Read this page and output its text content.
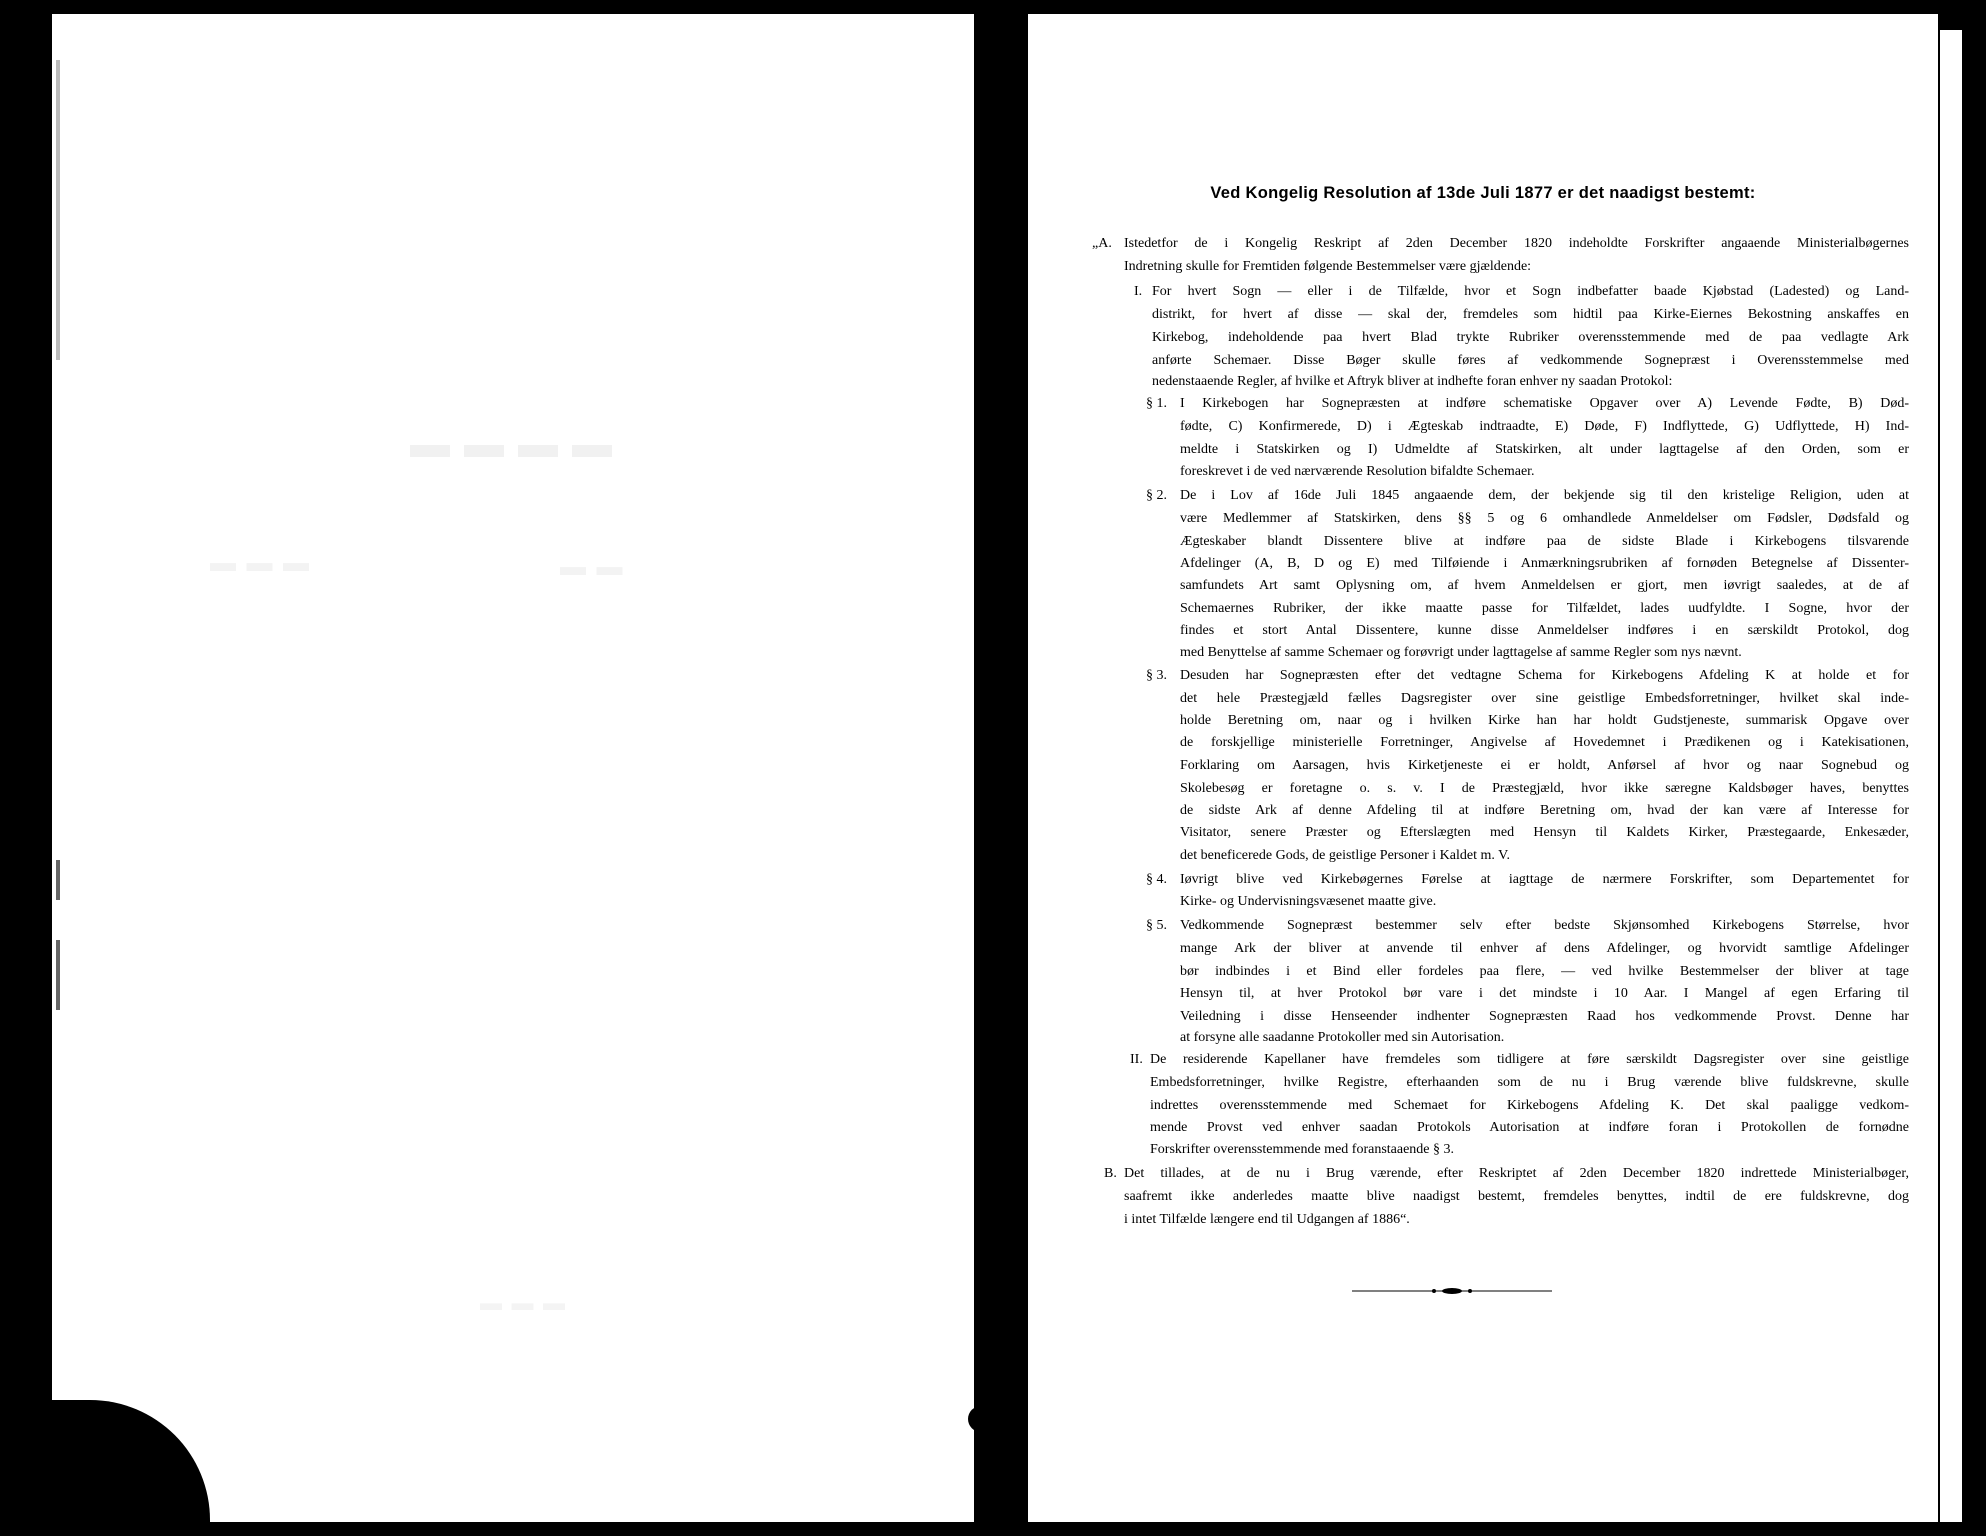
▬ ▬ ▬ ▬
▬ ▬ ▬	▬ ▬
▬ ▬ ▬
Ved Kongelig Resolution af 13de Juli 1877 er det naadigst bestemt:
„A.
I.
§ 1.
§ 2.
§ 3.
§ 4.
§ 5.
II.
B.
Istedetfor de i Kongelig Reskript af 2den December 1820 indeholdte Forskrifter angaaende Ministerialbøgernes
Indretning skulle for Fremtiden følgende Bestemmelser være gjældende:
For hvert Sogn — eller i de Tilfælde, hvor et Sogn indbefatter baade Kjøbstad (Ladested) og Land-
distrikt, for hvert af disse — skal der, fremdeles som hidtil paa Kirke-Eiernes Bekostning anskaffes en
Kirkebog, indeholdende paa hvert Blad trykte Rubriker overensstemmende med de paa vedlagte Ark
anførte Schemaer. Disse Bøger skulle føres af vedkommende Sognepræst i Overensstemmelse med
nedenstaaende Regler, af hvilke et Aftryk bliver at indhefte foran enhver ny saadan Protokol:
I Kirkebogen har Sognepræsten at indføre schematiske Opgaver over A) Levende Fødte, B) Død-
fødte, C) Konfirmerede, D) i Ægteskab indtraadte, E) Døde, F) Indflyttede, G) Udflyttede, H) Ind-
meldte i Statskirken og I) Udmeldte af Statskirken, alt under lagttagelse af den Orden, som er
foreskrevet i de ved nærværende Resolution bifaldte Schemaer.
De i Lov af 16de Juli 1845 angaaende dem, der bekjende sig til den kristelige Religion, uden at
være Medlemmer af Statskirken, dens §§ 5 og 6 omhandlede Anmeldelser om Fødsler, Dødsfald og
Ægteskaber blandt Dissentere blive at indføre paa de sidste Blade i Kirkebogens tilsvarende
Afdelinger (A, B, D og E) med Tilføiende i Anmærkningsrubriken af fornøden Betegnelse af Dissenter-
samfundets Art samt Oplysning om, af hvem Anmeldelsen er gjort, men iøvrigt saaledes, at de af
Schemaernes Rubriker, der ikke maatte passe for Tilfældet, lades uudfyldte. I Sogne, hvor der
findes et stort Antal Dissentere, kunne disse Anmeldelser indføres i en særskildt Protokol, dog
med Benyttelse af samme Schemaer og forøvrigt under lagttagelse af samme Regler som nys nævnt.
Desuden har Sognepræsten efter det vedtagne Schema for Kirkebogens Afdeling K at holde et for
det hele Præstegjæld fælles Dagsregister over sine geistlige Embedsforretninger, hvilket skal inde-
holde Beretning om, naar og i hvilken Kirke han har holdt Gudstjeneste, summarisk Opgave over
de forskjellige ministerielle Forretninger, Angivelse af Hovedemnet i Prædikenen og i Katekisationen,
Forklaring om Aarsagen, hvis Kirketjeneste ei er holdt, Anførsel af hvor og naar Sognebud og
Skolebesøg er foretagne o. s. v. I de Præstegjæld, hvor ikke særegne Kaldsbøger haves, benyttes
de sidste Ark af denne Afdeling til at indføre Beretning om, hvad der kan være af Interesse for
Visitator, senere Præster og Efterslægten med Hensyn til Kaldets Kirker, Præstegaarde, Enkesæder,
det beneficerede Gods, de geistlige Personer i Kaldet m. V.
Iøvrigt blive ved Kirkebøgernes Førelse at iagttage de nærmere Forskrifter, som Departementet for
Kirke- og Undervisningsvæsenet maatte give.
Vedkommende Sognepræst bestemmer selv efter bedste Skjønsomhed Kirkebogens Størrelse, hvor
mange Ark der bliver at anvende til enhver af dens Afdelinger, og hvorvidt samtlige Afdelinger
bør indbindes i et Bind eller fordeles paa flere, — ved hvilke Bestemmelser der bliver at tage
Hensyn til, at hver Protokol bør vare i det mindste i 10 Aar. I Mangel af egen Erfaring til
Veiledning i disse Henseender indhenter Sognepræsten Raad hos vedkommende Provst. Denne har
at forsyne alle saadanne Protokoller med sin Autorisation.
De residerende Kapellaner have fremdeles som tidligere at føre særskildt Dagsregister over sine geistlige
Embedsforretninger, hvilke Registre, efterhaanden som de nu i Brug værende blive fuldskrevne, skulle
indrettes overensstemmende med Schemaet for Kirkebogens Afdeling K. Det skal paaligge vedkom-
mende Provst ved enhver saadan Protokols Autorisation at indføre foran i Protokollen de fornødne
Forskrifter overensstemmende med foranstaaende § 3.
Det tillades, at de nu i Brug værende, efter Reskriptet af 2den December 1820 indrettede Ministerialbøger,
saafremt ikke anderledes maatte blive naadigst bestemt, fremdeles benyttes, indtil de ere fuldskrevne, dog
i intet Tilfælde længere end til Udgangen af 1886“.
